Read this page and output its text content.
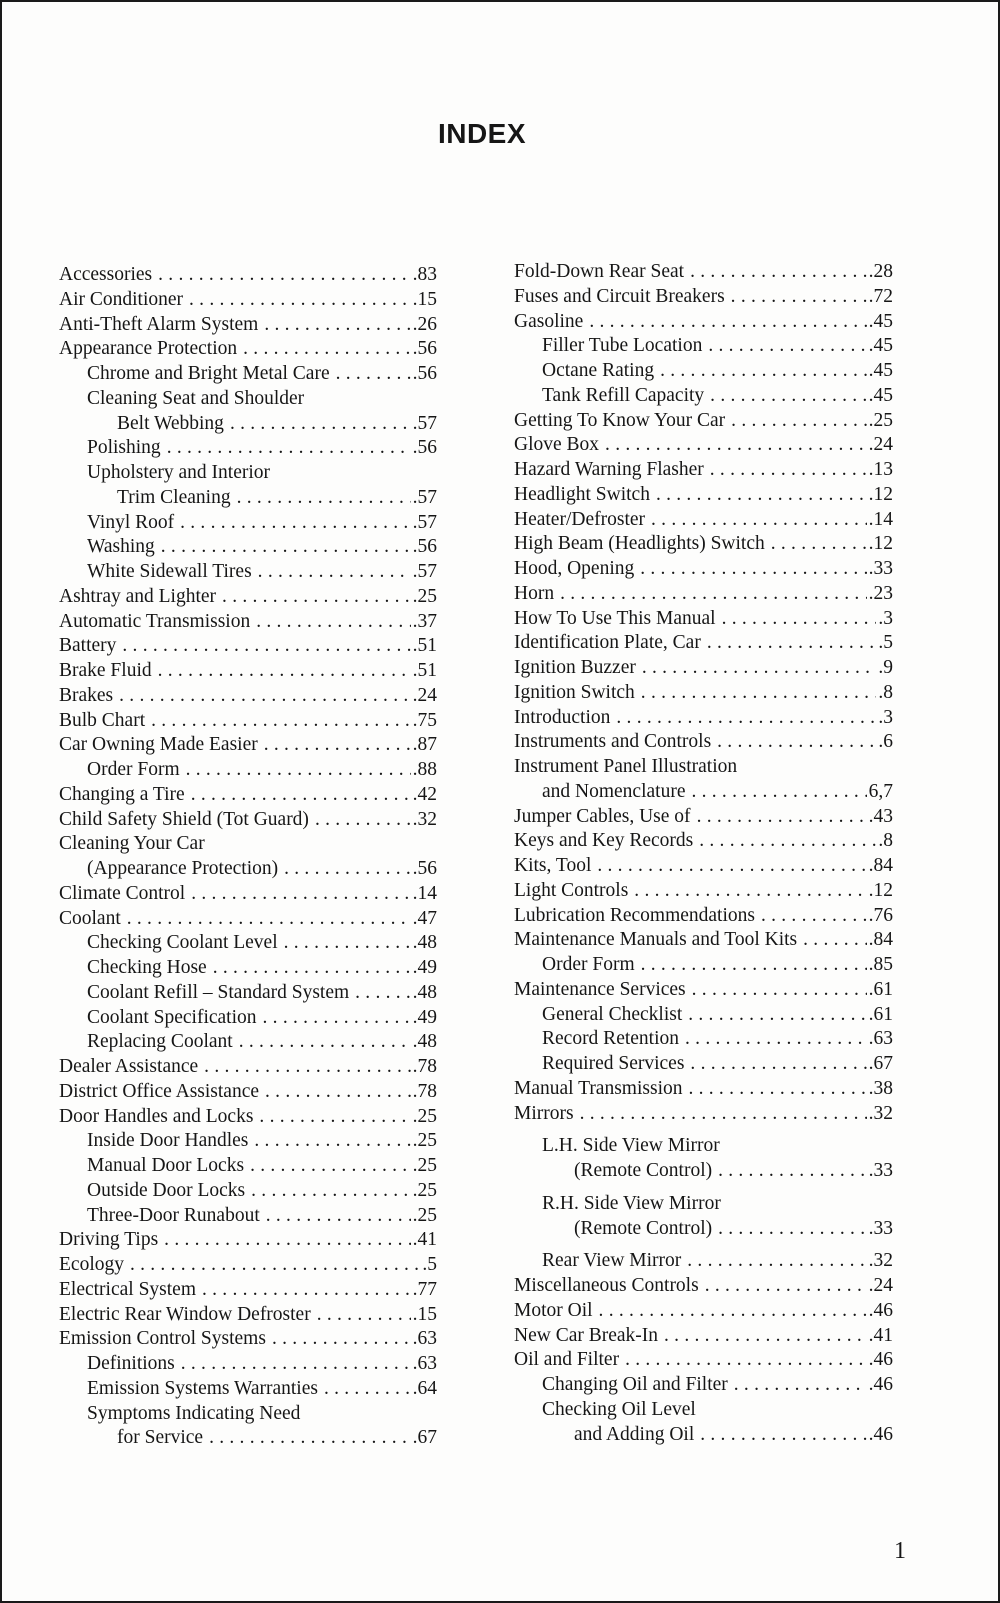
INDEX
Accessories . . .	.83
Air Conditioner . . .	.15
Anti-Theft Alarm System . . .	.26
Appearance Protection . . .	.56
Chrome and Bright Metal Care . . .	.56
Cleaning Seat and Shoulder
Belt Webbing . . .	.57
Polishing . . .	.56
Upholstery and Interior
Trim Cleaning . . .	.57
Vinyl Roof . . .	.57
Washing . . .	.56
White Sidewall Tires . . .	.57
Ashtray and Lighter . . .	.25
Automatic Transmission . . .	.37
Battery . . .	.51
Brake Fluid . . .	.51
Brakes . . .	.24
Bulb Chart . . .	.75
Car Owning Made Easier . . .	.87
Order Form . . .	.88
Changing a Tire . . .	.42
Child Safety Shield (Tot Guard) . . .	.32
Cleaning Your Car
(Appearance Protection) . . .	.56
Climate Control . . .	.14
Coolant . . .	.47
Checking Coolant Level . . .	.48
Checking Hose . . .	.49
Coolant Refill – Standard System . . .	.48
Coolant Specification . . .	.49
Replacing Coolant . . .	.48
Dealer Assistance . . .	.78
District Office Assistance . . .	.78
Door Handles and Locks . . .	.25
Inside Door Handles . . .	.25
Manual Door Locks . . .	.25
Outside Door Locks . . .	.25
Three-Door Runabout . . .	.25
Driving Tips . . .	.41
Ecology . . .	.5
Electrical System . . .	.77
Electric Rear Window Defroster . . .	.15
Emission Control Systems . . .	.63
Definitions . . .	.63
Emission Systems Warranties . . .	.64
Symptoms Indicating Need
for Service . . .	.67
Fold-Down Rear Seat . . .	.28
Fuses and Circuit Breakers . . .	.72
Gasoline . . .	.45
Filler Tube Location . . .	.45
Octane Rating . . .	.45
Tank Refill Capacity . . .	.45
Getting To Know Your Car . . .	.25
Glove Box . . .	.24
Hazard Warning Flasher . . .	.13
Headlight Switch . . .	.12
Heater/Defroster . . .	.14
High Beam (Headlights) Switch . . .	.12
Hood, Opening . . .	.33
Horn . . .	.23
How To Use This Manual . . .	.3
Identification Plate, Car . . .	.5
Ignition Buzzer . . .	.9
Ignition Switch . . .	.8
Introduction . . .	.3
Instruments and Controls . . .	.6
Instrument Panel Illustration
and Nomenclature . . .	6,7
Jumper Cables, Use of . . .	.43
Keys and Key Records . . .	.8
Kits, Tool . . .	.84
Light Controls . . .	.12
Lubrication Recommendations . . .	.76
Maintenance Manuals and Tool Kits . . .	.84
Order Form . . .	.85
Maintenance Services . . .	.61
General Checklist . . .	.61
Record Retention . . .	.63
Required Services . . .	.67
Manual Transmission . . .	.38
Mirrors . . .	.32
L.H. Side View Mirror
(Remote Control) . . .	.33
R.H. Side View Mirror
(Remote Control) . . .	.33
Rear View Mirror . . .	.32
Miscellaneous Controls . . .	.24
Motor Oil . . .	.46
New Car Break-In . . .	.41
Oil and Filter . . .	.46
Changing Oil and Filter . . .	.46
Checking Oil Level
and Adding Oil . . .	.46
1
